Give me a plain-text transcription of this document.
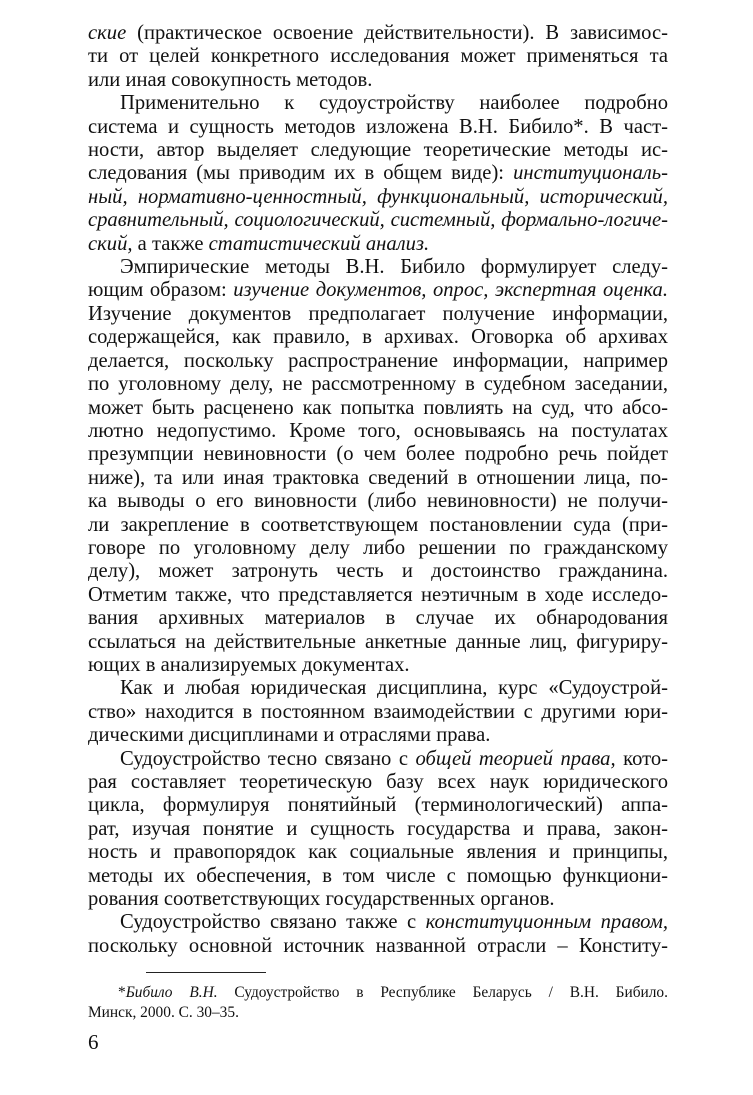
ские (практическое освоение действительности). В зависимос-
ти от целей конкретного исследования может применяться та
или иная совокупность методов.
Применительно к судоустройству наиболее подробно
система и сущность методов изложена В.Н. Бибило*. В част-
ности, автор выделяет следующие теоретические методы ис-
следования (мы приводим их в общем виде): институциональ-
ный, нормативно-ценностный, функциональный, исторический,
сравнительный, социологический, системный, формально-логиче-
ский, а также статистический анализ.
Эмпирические методы В.Н. Бибило формулирует следу-
ющим образом: изучение документов, опрос, экспертная оценка.
Изучение документов предполагает получение информации,
содержащейся, как правило, в архивах. Оговорка об архивах
делается, поскольку распространение информации, например
по уголовному делу, не рассмотренному в судебном заседании,
может быть расценено как попытка повлиять на суд, что абсо-
лютно недопустимо. Кроме того, основываясь на постулатах
презумпции невиновности (о чем более подробно речь пойдет
ниже), та или иная трактовка сведений в отношении лица, по-
ка выводы о его виновности (либо невиновности) не получи-
ли закрепление в соответствующем постановлении суда (при-
говоре по уголовному делу либо решении по гражданскому
делу), может затронуть честь и достоинство гражданина.
Отметим также, что представляется неэтичным в ходе исследо-
вания архивных материалов в случае их обнародования
ссылаться на действительные анкетные данные лиц, фигуриру-
ющих в анализируемых документах.
Как и любая юридическая дисциплина, курс «Судоустрой-
ство» находится в постоянном взаимодействии с другими юри-
дическими дисциплинами и отраслями права.
Судоустройство тесно связано с общей теорией права, кото-
рая составляет теоретическую базу всех наук юридического
цикла, формулируя понятийный (терминологический) аппа-
рат, изучая понятие и сущность государства и права, закон-
ность и правопорядок как социальные явления и принципы,
методы их обеспечения, в том числе с помощью функциони-
рования соответствующих государственных органов.
Судоустройство связано также с конституционным правом,
поскольку основной источник названной отрасли – Конститу-
*Бибило В.Н. Судоустройство в Республике Беларусь / В.Н. Бибило.
Минск, 2000. С. 30–35.
6
